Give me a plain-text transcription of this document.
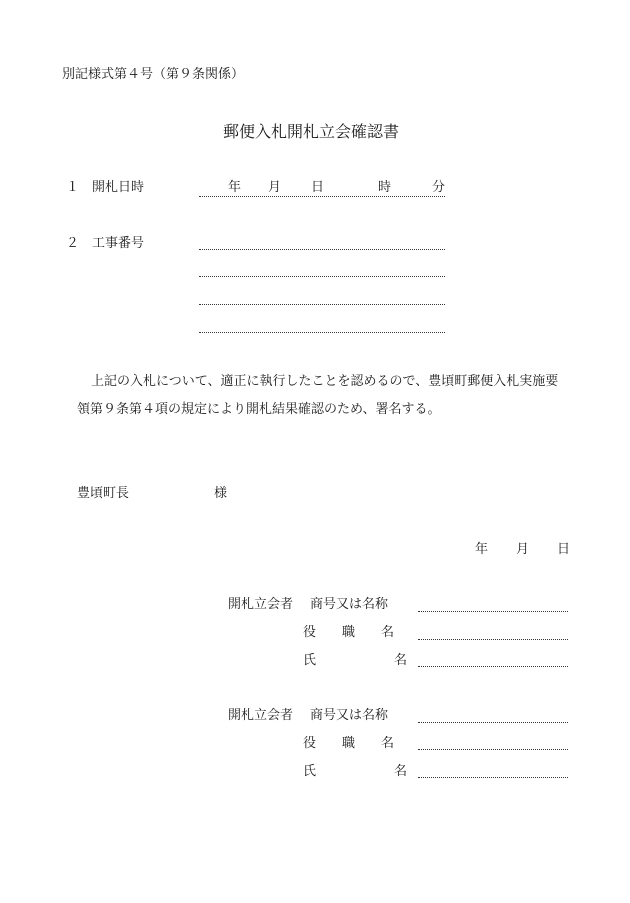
別記様式第４号（第９条関係）
郵便入札開札立会確認書
１ 開札日時	年 月 日	時	分
２ 工事番号
上記の入札について、適正に執行したことを認めるので、豊頃町郵便入札実施要
領第９条第４項の規定により開札結果確認のため、署名する。
豊頃町長	様
年 月 日
開札立会者 商号又は名称
役　　職　　名
氏　　　　　　名
開札立会者 商号又は名称
役　　職　　名
氏　　　　　　名
